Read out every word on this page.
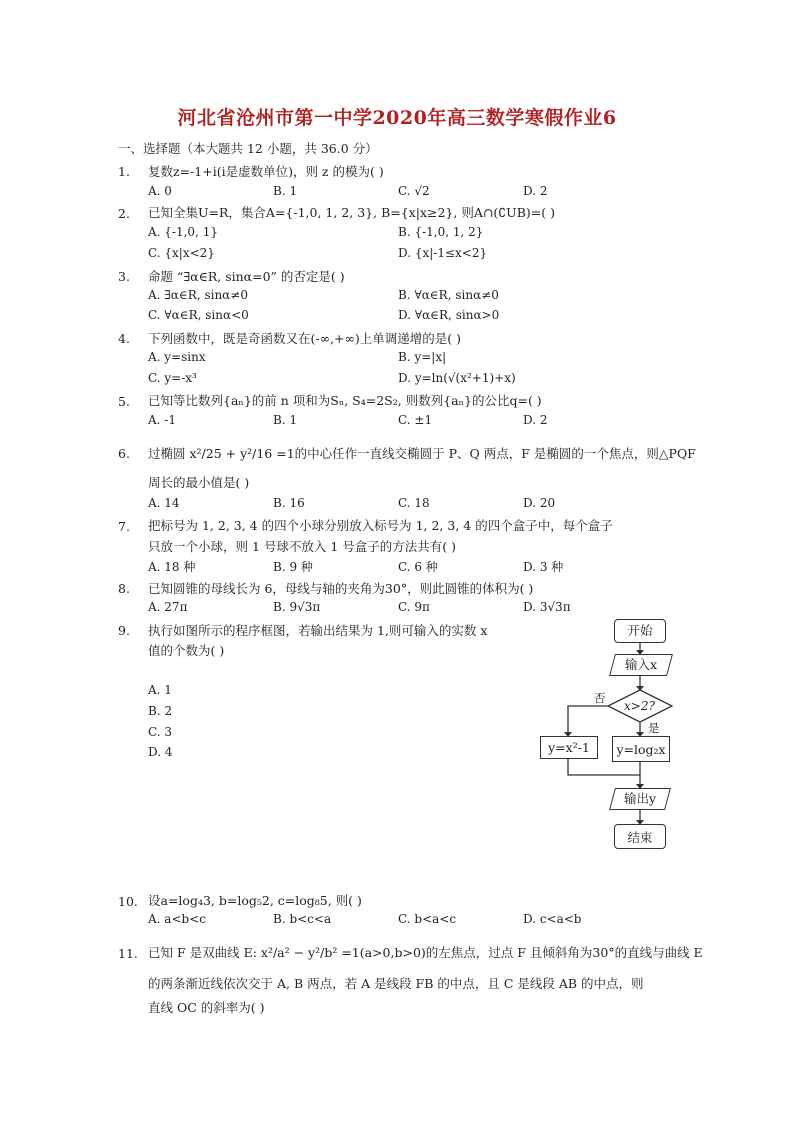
河北省沧州市第一中学2020年高三数学寒假作业6
一、选择题（本大题共 12 小题，共 36.0 分）
1.	复数z=-1+i(i是虚数单位)，则 z 的模为( )
A. 0	B. 1	C. √2	D. 2
2.	已知全集U=R，集合A={-1,0, 1, 2, 3}, B={x|x≥2}, 则A∩(∁UB)=( )
A. {-1,0, 1}	B. {-1,0, 1, 2}
C. {x|x<2}	D. {x|-1≤x<2}
3.	命题 “∃α∈R, sinα=0” 的否定是( )
A. ∃α∈R, sinα≠0	B. ∀α∈R, sinα≠0
C. ∀α∈R, sinα<0	D. ∀α∈R, sinα>0
4.	下列函数中，既是奇函数又在(-∞,+∞)上单调递增的是( )
A. y=sinx	B. y=|x|
C. y=-x³	D. y=ln(√(x²+1)+x)
5.	已知等比数列{aₙ}的前 n 项和为Sₙ, S₄=2S₂, 则数列{aₙ}的公比q=( )
A. -1	B. 1	C. ±1	D. 2
6.	过椭圆 x²/25 + y²/16 =1的中心任作一直线交椭圆于 P、Q 两点，F 是椭圆的一个焦点，则△PQF
周长的最小值是( )
A. 14	B. 16	C. 18	D. 20
7.	把标号为 1, 2, 3, 4 的四个小球分别放入标号为 1, 2, 3, 4 的四个盒子中，每个盒子
只放一个小球，则 1 号球不放入 1 号盒子的方法共有( )
A. 18 种	B. 9 种	C. 6 种	D. 3 种
8.	已知圆锥的母线长为 6，母线与轴的夹角为30°，则此圆锥的体积为( )
A. 27π	B. 9√3π	C. 9π	D. 3√3π
9.	执行如图所示的程序框图，若输出结果为 1,则可输入的实数 x
值的个数为( )
A. 1
B. 2
C. 3
D. 4
开始
输入x
x>2?
否
是
y=x²-1	y=log₂x
输出y
结束
10. 设a=log₄3, b=log₅2, c=log₈5, 则( )
A. a<b<c	B. b<c<a	C. b<a<c	D. c<a<b
11. 已知 F 是双曲线 E: x²/a² − y²/b² =1(a>0,b>0)的左焦点，过点 F 且倾斜角为30°的直线与曲线 E
的两条渐近线依次交于 A, B 两点，若 A 是线段 FB 的中点，且 C 是线段 AB 的中点，则
直线 OC 的斜率为( )
